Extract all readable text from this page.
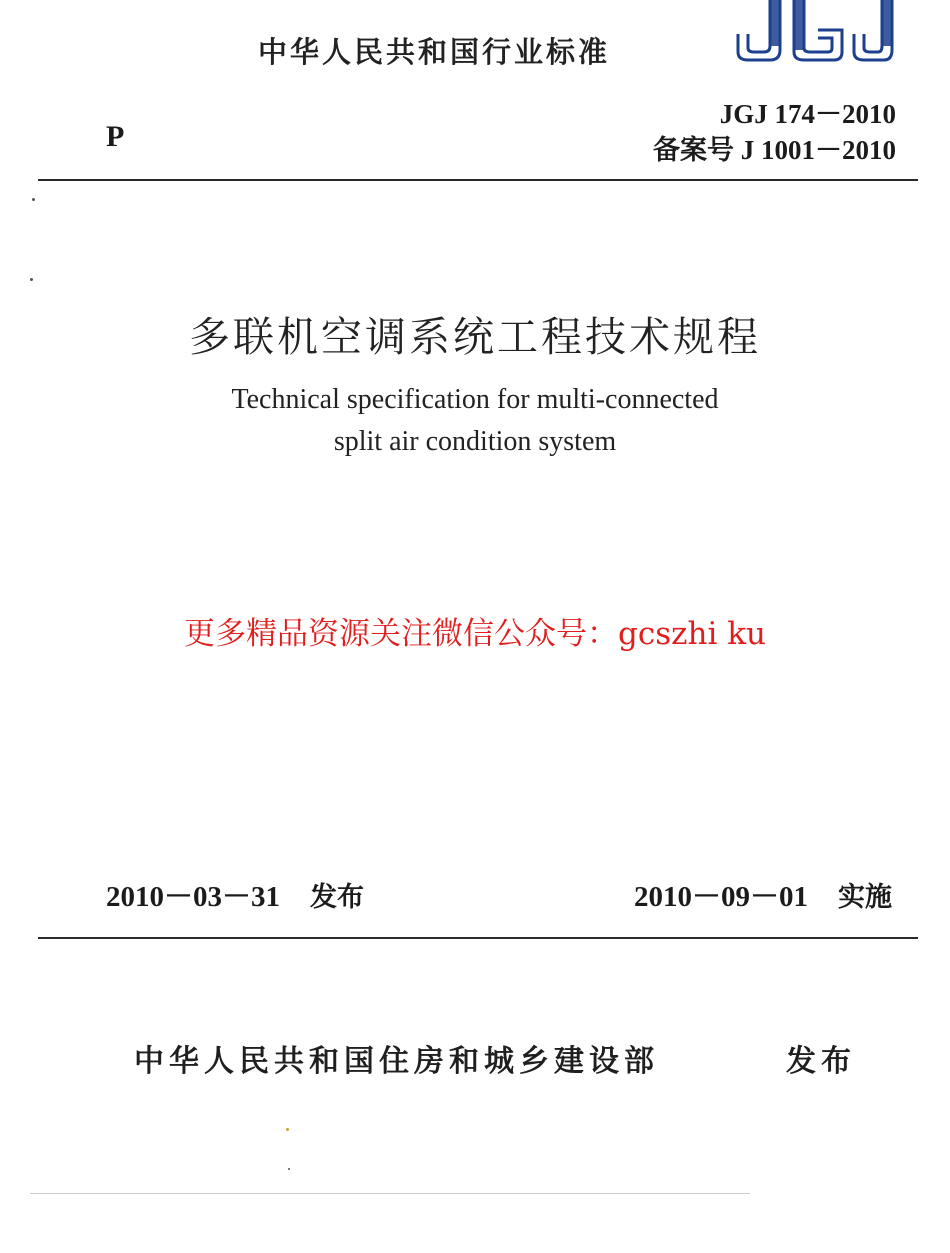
中华人民共和国行业标准
P
JGJ 174－2010
备案号 J 1001－2010
多联机空调系统工程技术规程
Technical specification for multi-connected
split air condition system
更多精品资源关注微信公众号：gcszhi ku
2010－03－31 发布	2010－09－01 实施
中华人民共和国住房和城乡建设部	发布
